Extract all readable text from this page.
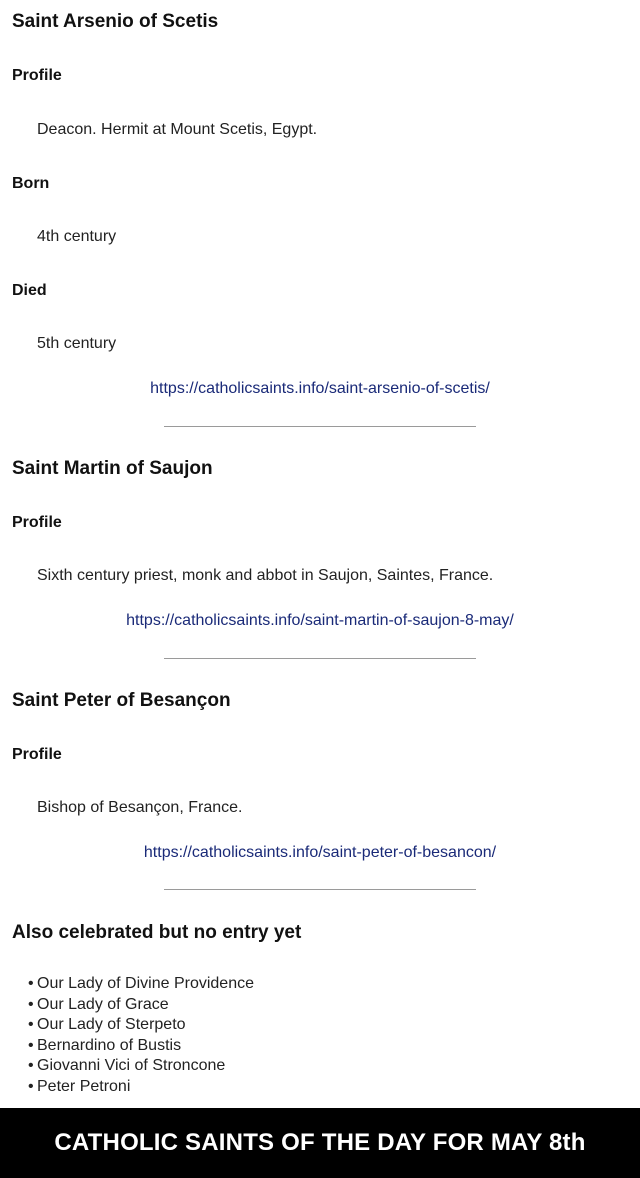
Saint Arsenio of Scetis
Profile
Deacon. Hermit at Mount Scetis, Egypt.
Born
4th century
Died
5th century
https://catholicsaints.info/saint-arsenio-of-scetis/
Saint Martin of Saujon
Profile
Sixth century priest, monk and abbot in Saujon, Saintes, France.
https://catholicsaints.info/saint-martin-of-saujon-8-may/
Saint Peter of Besançon
Profile
Bishop of Besançon, France.
https://catholicsaints.info/saint-peter-of-besancon/
Also celebrated but no entry yet
• Our Lady of Divine Providence
• Our Lady of Grace
• Our Lady of Sterpeto
• Bernardino of Bustis
• Giovanni Vici of Stroncone
• Peter Petroni
CATHOLIC SAINTS OF THE DAY FOR MAY 8th
